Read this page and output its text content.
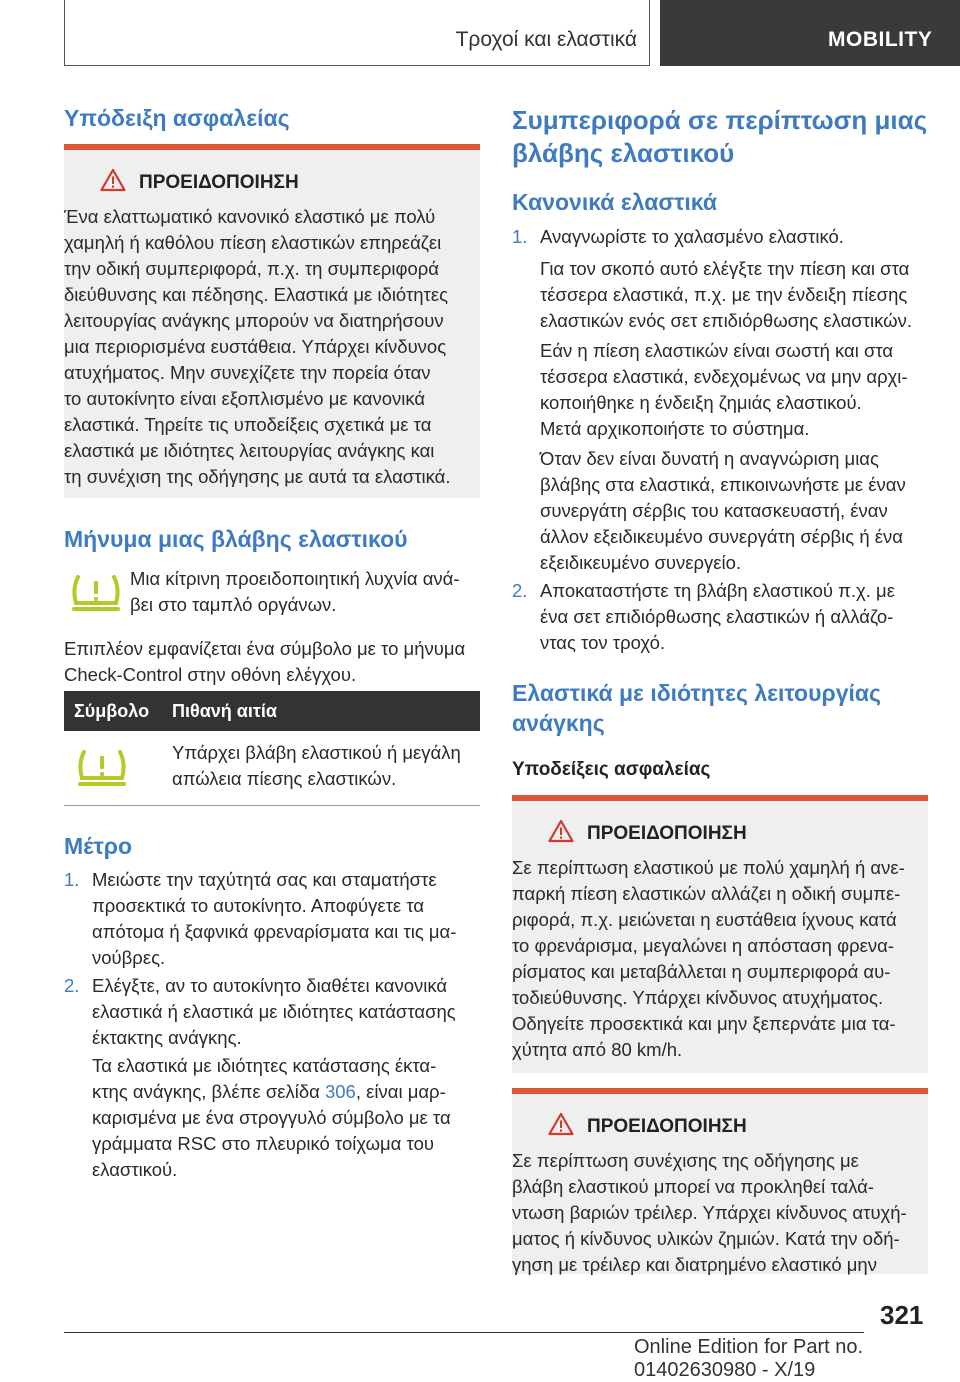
Τροχοί και ελαστικά	MOBILITY
Υπόδειξη ασφαλείας
ΠΡΟΕΙΔΟΠΟΙΗΣΗ
Ένα ελαττωματικό κανονικό ελαστικό με πολύ
χαμηλή ή καθόλου πίεση ελαστικών επηρεάζει
την οδική συμπεριφορά, π.χ. τη συμπεριφορά
διεύθυνσης και πέδησης. Ελαστικά με ιδιότητες
λειτουργίας ανάγκης μπορούν να διατηρήσουν
μια περιορισμένα ευστάθεια. Υπάρχει κίνδυνος
ατυχήματος. Μην συνεχίζετε την πορεία όταν
το αυτοκίνητο είναι εξοπλισμένο με κανονικά
ελαστικά. Τηρείτε τις υποδείξεις σχετικά με τα
ελαστικά με ιδιότητες λειτουργίας ανάγκης και
τη συνέχιση της οδήγησης με αυτά τα ελαστικά.
Μήνυμα μιας βλάβης ελαστικού
Μια κίτρινη προειδοποιητική λυχνία ανά-
βει στο ταμπλό οργάνων.
Επιπλέον εμφανίζεται ένα σύμβολο με το μήνυμα
Check-Control στην οθόνη ελέγχου.
Σύμβολο Πιθανή αιτία
Υπάρχει βλάβη ελαστικού ή μεγάλη
απώλεια πίεσης ελαστικών.
Μέτρο
1. Μειώστε την ταχύτητά σας και σταματήστε
προσεκτικά το αυτοκίνητο. Αποφύγετε τα
απότομα ή ξαφνικά φρεναρίσματα και τις μα-
νούβρες.
2. Ελέγξτε, αν το αυτοκίνητο διαθέτει κανονικά
ελαστικά ή ελαστικά με ιδιότητες κατάστασης
έκτακτης ανάγκης.
Τα ελαστικά με ιδιότητες κατάστασης έκτα-
κτης ανάγκης, βλέπε σελίδα 306, είναι μαρ-
καρισμένα με ένα στρογγυλό σύμβολο με τα
γράμματα RSC στο πλευρικό τοίχωμα του
ελαστικού.
Συμπεριφορά σε περίπτωση μιας
βλάβης ελαστικού
Κανονικά ελαστικά
1. Αναγνωρίστε το χαλασμένο ελαστικό.
Για τον σκοπό αυτό ελέγξτε την πίεση και στα
τέσσερα ελαστικά, π.χ. με την ένδειξη πίεσης
ελαστικών ενός σετ επιδιόρθωσης ελαστικών.
Εάν η πίεση ελαστικών είναι σωστή και στα
τέσσερα ελαστικά, ενδεχομένως να μην αρχι-
κοποιήθηκε η ένδειξη ζημιάς ελαστικού.
Μετά αρχικοποιήστε το σύστημα.
Όταν δεν είναι δυνατή η αναγνώριση μιας
βλάβης στα ελαστικά, επικοινωνήστε με έναν
συνεργάτη σέρβις του κατασκευαστή, έναν
άλλον εξειδικευμένο συνεργάτη σέρβις ή ένα
εξειδικευμένο συνεργείο.
2. Αποκαταστήστε τη βλάβη ελαστικού π.χ. με
ένα σετ επιδιόρθωσης ελαστικών ή αλλάζο-
ντας τον τροχό.
Ελαστικά με ιδιότητες λειτουργίας
ανάγκης
Υποδείξεις ασφαλείας
ΠΡΟΕΙΔΟΠΟΙΗΣΗ
Σε περίπτωση ελαστικού με πολύ χαμηλή ή ανε-
παρκή πίεση ελαστικών αλλάζει η οδική συμπε-
ριφορά, π.χ. μειώνεται η ευστάθεια ίχνους κατά
το φρενάρισμα, μεγαλώνει η απόσταση φρενα-
ρίσματος και μεταβάλλεται η συμπεριφορά αυ-
τοδιεύθυνσης. Υπάρχει κίνδυνος ατυχήματος.
Οδηγείτε προσεκτικά και μην ξεπερνάτε μια τα-
χύτητα από 80 km/h.
ΠΡΟΕΙΔΟΠΟΙΗΣΗ
Σε περίπτωση συνέχισης της οδήγησης με
βλάβη ελαστικού μπορεί να προκληθεί ταλά-
ντωση βαριών τρέιλερ. Υπάρχει κίνδυνος ατυχή-
ματος ή κίνδυνος υλικών ζημιών. Κατά την οδή-
γηση με τρέιλερ και διατρημένο ελαστικό μην
321
Online Edition for Part no. 01402630980 - X/19
